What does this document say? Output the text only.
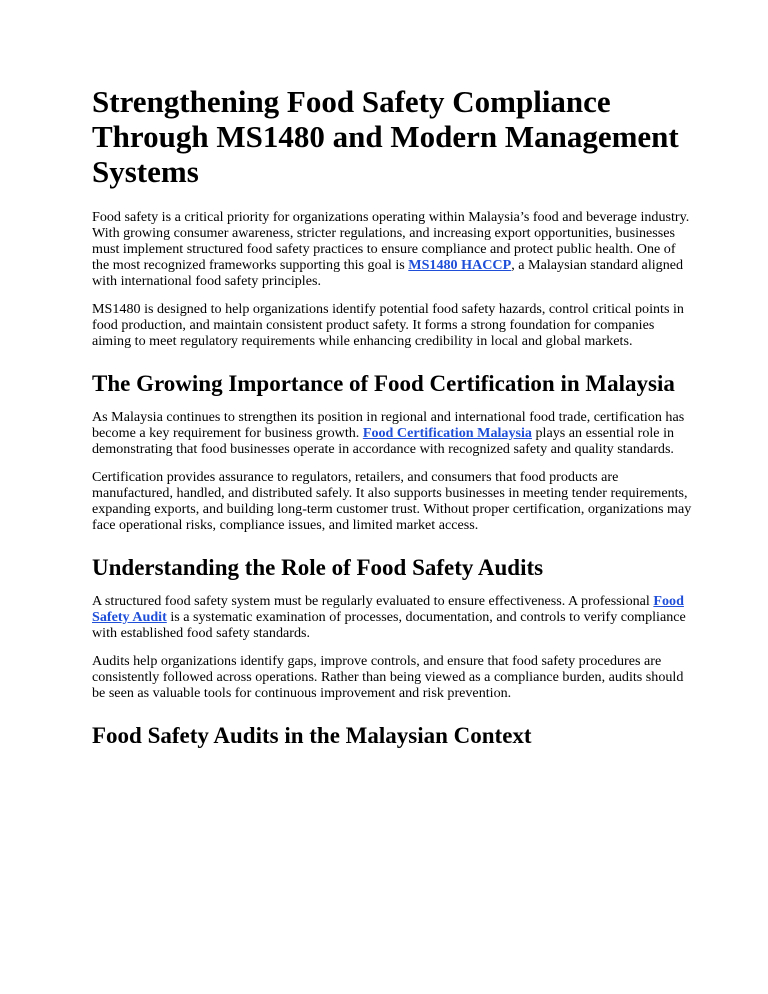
Strengthening Food Safety Compliance Through MS1480 and Modern Management Systems

Food safety is a critical priority for organizations operating within Malaysia’s food and beverage industry. With growing consumer awareness, stricter regulations, and increasing export opportunities, businesses must implement structured food safety practices to ensure compliance and protect public health. One of the most recognized frameworks supporting this goal is MS1480 HACCP, a Malaysian standard aligned with international food safety principles.

MS1480 is designed to help organizations identify potential food safety hazards, control critical points in food production, and maintain consistent product safety. It forms a strong foundation for companies aiming to meet regulatory requirements while enhancing credibility in local and global markets.

The Growing Importance of Food Certification in Malaysia

As Malaysia continues to strengthen its position in regional and international food trade, certification has become a key requirement for business growth. Food Certification Malaysia plays an essential role in demonstrating that food businesses operate in accordance with recognized safety and quality standards.

Certification provides assurance to regulators, retailers, and consumers that food products are manufactured, handled, and distributed safely. It also supports businesses in meeting tender requirements, expanding exports, and building long-term customer trust. Without proper certification, organizations may face operational risks, compliance issues, and limited market access.

Understanding the Role of Food Safety Audits

A structured food safety system must be regularly evaluated to ensure effectiveness. A professional Food Safety Audit is a systematic examination of processes, documentation, and controls to verify compliance with established food safety standards.

Audits help organizations identify gaps, improve controls, and ensure that food safety procedures are consistently followed across operations. Rather than being viewed as a compliance burden, audits should be seen as valuable tools for continuous improvement and risk prevention.

Food Safety Audits in the Malaysian Context
